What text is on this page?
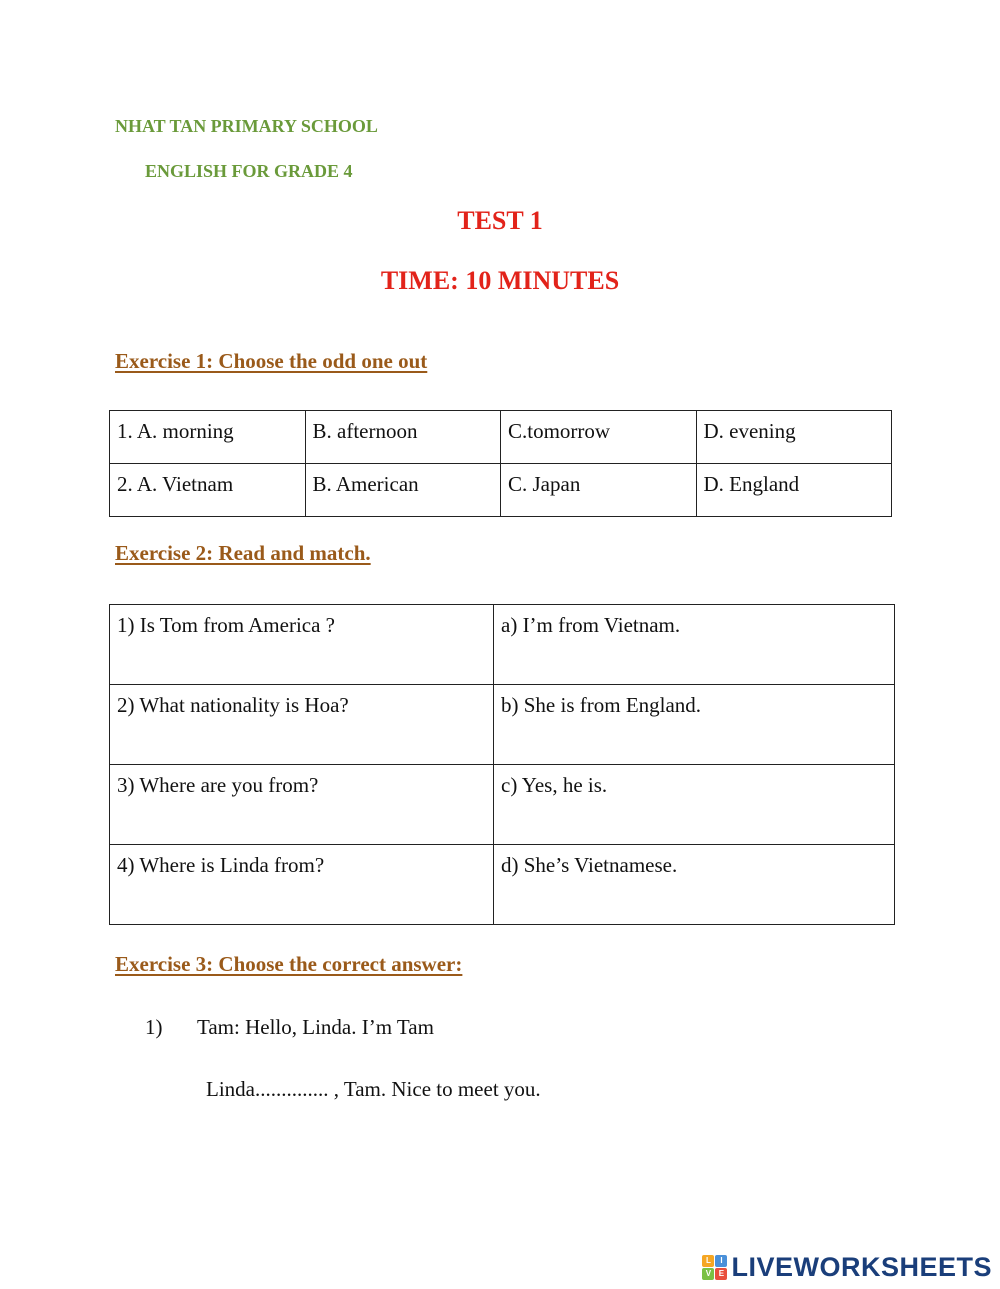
NHAT TAN PRIMARY SCHOOL
ENGLISH FOR GRADE 4
TEST 1
TIME: 10 MINUTES
Exercise 1: Choose the odd one out
1. A. morning	B. afternoon	C.tomorrow	D. evening
2. A. Vietnam	B. American	C. Japan	D. England
Exercise 2: Read and match.
1) Is Tom from America ?	a) I’m from Vietnam.
2) What nationality is Hoa?	b) She is from England.
3) Where are you from?	c) Yes, he is.
4) Where is Linda from?	d) She’s Vietnamese.
Exercise 3: Choose the correct answer:
1) Tam: Hello, Linda. I’m Tam
Linda.............. , Tam. Nice to meet you.
L	I
V E LIVEWORKSHEETS
